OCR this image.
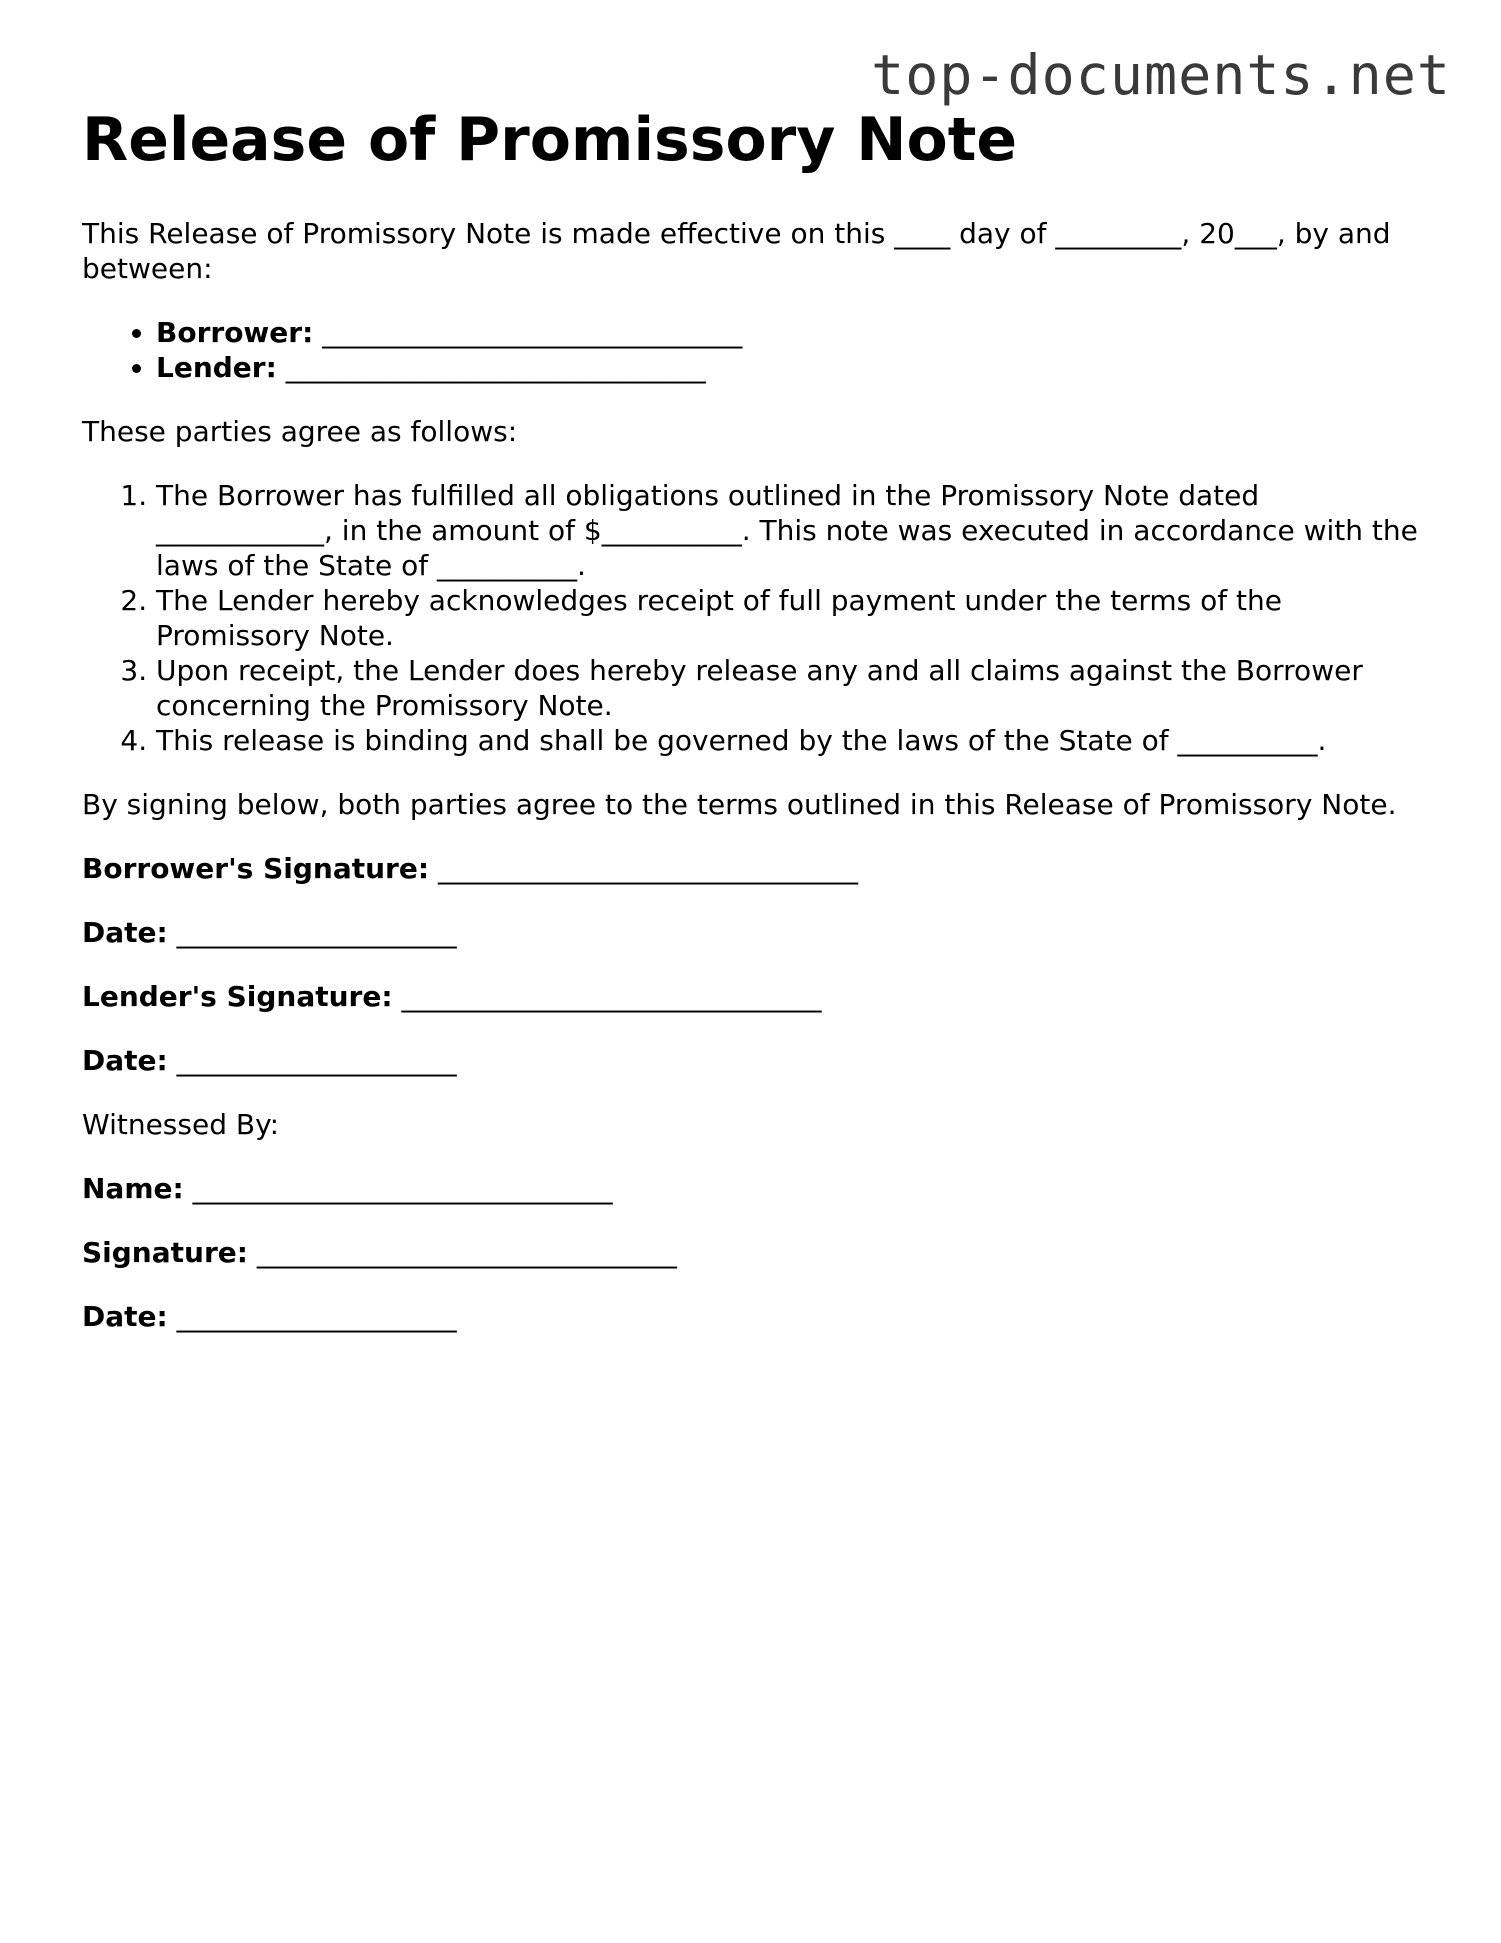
top-documents.net
Release of Promissory Note

This Release of Promissory Note is made effective on this ____ day of _________, 20___, by and between:

• Borrower: ______________________________
• Lender: ______________________________

These parties agree as follows:

1. The Borrower has fulfilled all obligations outlined in the Promissory Note dated ____________, in the amount of $__________. This note was executed in accordance with the laws of the State of __________.
2. The Lender hereby acknowledges receipt of full payment under the terms of the Promissory Note.
3. Upon receipt, the Lender does hereby release any and all claims against the Borrower concerning the Promissory Note.
4. This release is binding and shall be governed by the laws of the State of __________.

By signing below, both parties agree to the terms outlined in this Release of Promissory Note.

Borrower's Signature: ______________________________
Date: ____________________
Lender's Signature: ______________________________
Date: ____________________
Witnessed By:
Name: ______________________________
Signature: ______________________________
Date: ____________________
